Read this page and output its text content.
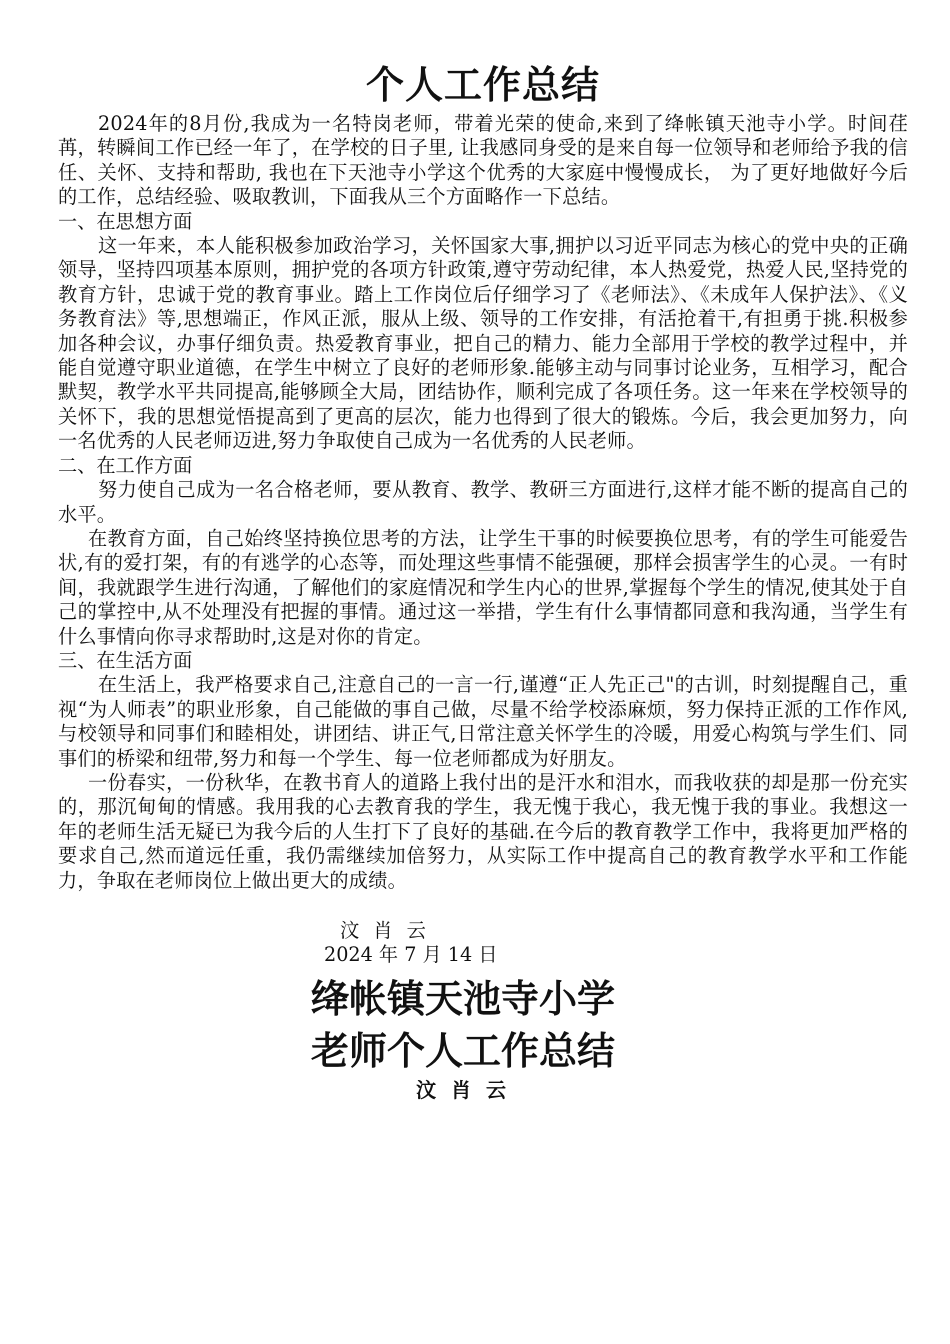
个人工作总结

2024年的8月份,我成为一名特岗老师，带着光荣的使命,来到了绛帐镇天池寺小学。时间荏苒，转瞬间工作已经一年了，在学校的日子里, 让我感同身受的是来自每一位领导和老师给予我的信任、关怀、支持和帮助, 我也在下天池寺小学这个优秀的大家庭中慢慢成长， 为了更好地做好今后的工作，总结经验、吸取教训，下面我从三个方面略作一下总结。

一、在思想方面

这一年来，本人能积极参加政治学习，关怀国家大事,拥护以习近平同志为核心的党中央的正确领导，坚持四项基本原则，拥护党的各项方针政策,遵守劳动纪律，本人热爱党，热爱人民,坚持党的教育方针，忠诚于党的教育事业。踏上工作岗位后仔细学习了《老师法》、《未成年人保护法》、《义务教育法》等,思想端正，作风正派，服从上级、领导的工作安排，有活抢着干,有担勇于挑.积极参加各种会议，办事仔细负责。热爱教育事业，把自己的精力、能力全部用于学校的教学过程中，并能自觉遵守职业道德，在学生中树立了良好的老师形象.能够主动与同事讨论业务，互相学习，配合默契，教学水平共同提高,能够顾全大局，团结协作，顺利完成了各项任务。这一年来在学校领导的关怀下，我的思想觉悟提高到了更高的层次，能力也得到了很大的锻炼。今后，我会更加努力，向一名优秀的人民老师迈进,努力争取使自己成为一名优秀的人民老师。

二、在工作方面

努力使自己成为一名合格老师，要从教育、教学、教研三方面进行,这样才能不断的提高自己的水平。

在教育方面，自己始终坚持换位思考的方法，让学生干事的时候要换位思考，有的学生可能爱告状,有的爱打架，有的有逃学的心态等，而处理这些事情不能强硬，那样会损害学生的心灵。一有时间，我就跟学生进行沟通，了解他们的家庭情况和学生内心的世界,掌握每个学生的情况,使其处于自己的掌控中,从不处理没有把握的事情。通过这一举措，学生有什么事情都同意和我沟通，当学生有什么事情向你寻求帮助时,这是对你的肯定。

三、在生活方面

在生活上，我严格要求自己,注意自己的一言一行,谨遵“正人先正己"的古训，时刻提醒自己，重视“为人师表”的职业形象，自己能做的事自己做，尽量不给学校添麻烦，努力保持正派的工作作风,与校领导和同事们和睦相处，讲团结、讲正气,日常注意关怀学生的冷暖，用爱心构筑与学生们、同事们的桥梁和纽带,努力和每一个学生、每一位老师都成为好朋友。

一份春实，一份秋华，在教书育人的道路上我付出的是汗水和泪水，而我收获的却是那一份充实的，那沉甸甸的情感。我用我的心去教育我的学生，我无愧于我心，我无愧于我的事业。我想这一年的老师生活无疑已为我今后的人生打下了良好的基础.在今后的教育教学工作中，我将更加严格的要求自己,然而道远任重，我仍需继续加倍努力，从实际工作中提高自己的教育教学水平和工作能力，争取在老师岗位上做出更大的成绩。

汶 肖 云
2024 年 7 月 14 日
绛帐镇天池寺小学
老师个人工作总结
汶 肖 云
